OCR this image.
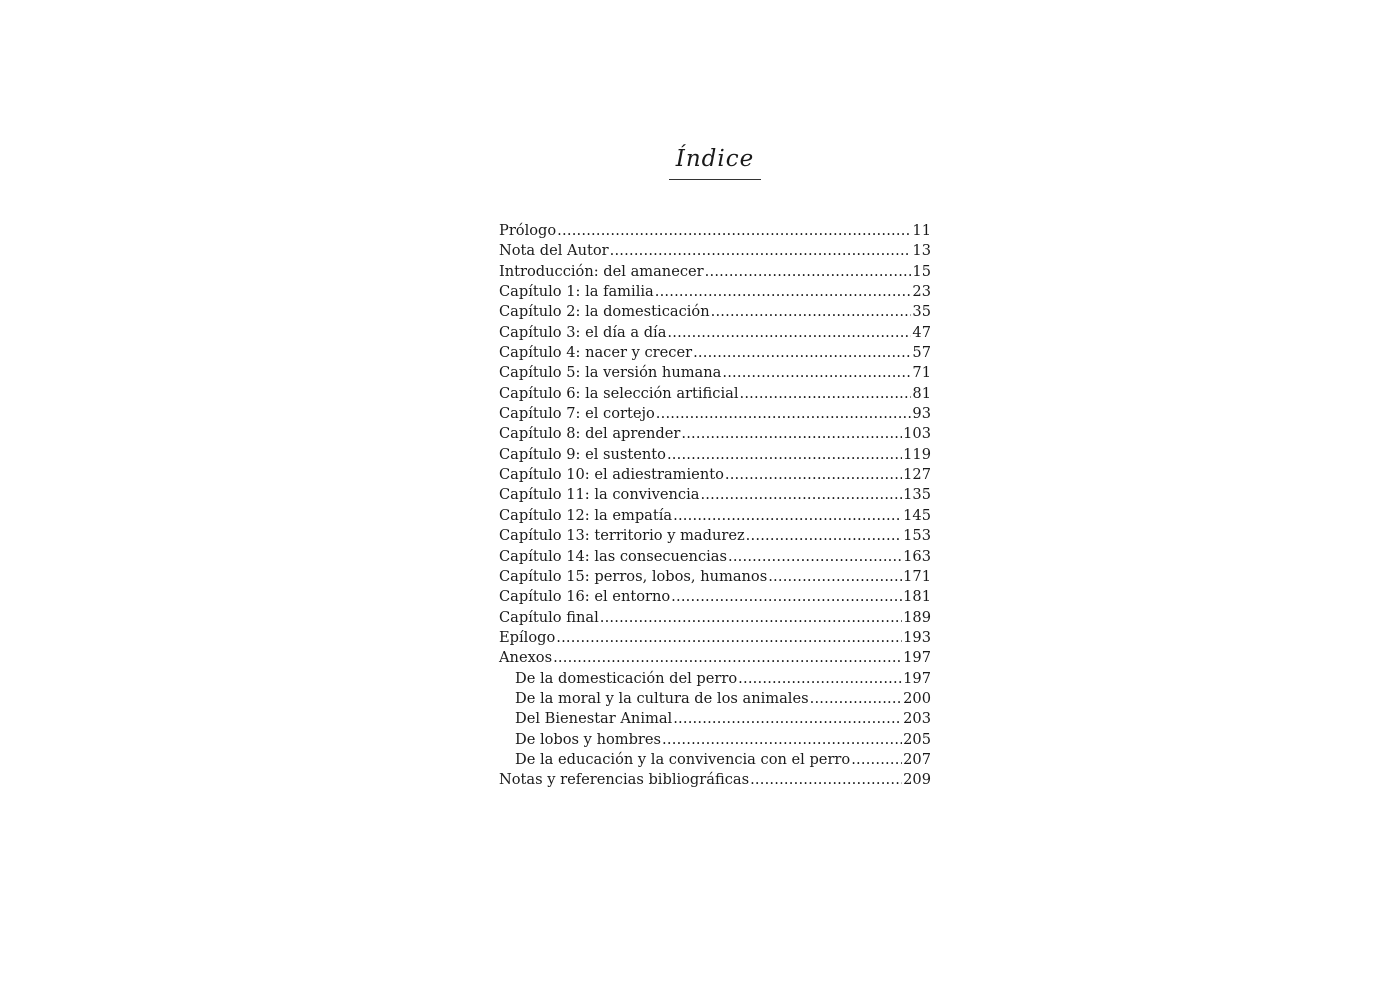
Índice
Prólogo .....	11
Nota del Autor .....	13
Introducción: del amanecer .....	15
Capítulo 1: la familia .....	23
Capítulo 2: la domesticación .....	35
Capítulo 3: el día a día .....	47
Capítulo 4: nacer y crecer .....	57
Capítulo 5: la versión humana .....	71
Capítulo 6: la selección artificial .....	81
Capítulo 7: el cortejo .....	93
Capítulo 8: del aprender .....	103
Capítulo 9: el sustento .....	119
Capítulo 10: el adiestramiento .....	127
Capítulo 11: la convivencia .....	135
Capítulo 12: la empatía .....	145
Capítulo 13: territorio y madurez .....	153
Capítulo 14: las consecuencias .....	163
Capítulo 15: perros, lobos, humanos .....	171
Capítulo 16: el entorno .....	181
Capítulo final .....	189
Epílogo .....	193
Anexos .....	197
De la domesticación del perro .....	197
De la moral y la cultura de los animales .....	200
Del Bienestar Animal .....	203
De lobos y hombres .....	205
De la educación y la convivencia con el perro .....	207
Notas y referencias bibliográficas .....	209
